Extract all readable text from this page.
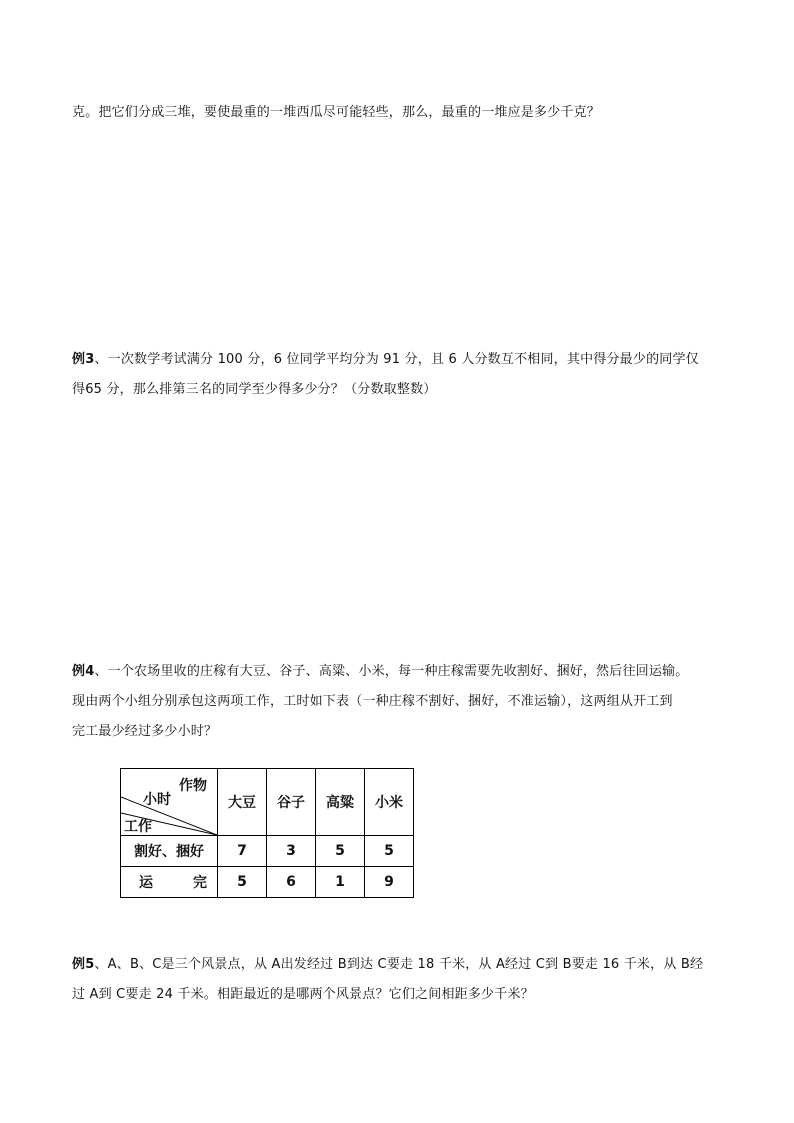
克。把它们分成三堆，要使最重的一堆西瓜尽可能轻些，那么，最重的一堆应是多少千克？
例3、一次数学考试满分 100 分，6 位同学平均分为 91 分，且 6 人分数互不相同，其中得分最少的同学仅
得65 分，那么排第三名的同学至少得多少分？（分数取整数）
例4、一个农场里收的庄稼有大豆、谷子、高粱、小米，每一种庄稼需要先收割好、捆好，然后往回运输。
现由两个小组分别承包这两项工作，工时如下表（一种庄稼不割好、捆好，不准运输），这两组从开工到
完工最少经过多少小时？
作物
小时
工作	大豆	谷子	高粱	小米
割好、捆好	7	3	5	5

运 完	5	6	1	9
例5、A、B、C是三个风景点，从 A出发经过 B到达 C要走 18 千米，从 A经过 C到 B要走 16 千米，从 B经
过 A到 C要走 24 千米。相距最近的是哪两个风景点？它们之间相距多少千米？
